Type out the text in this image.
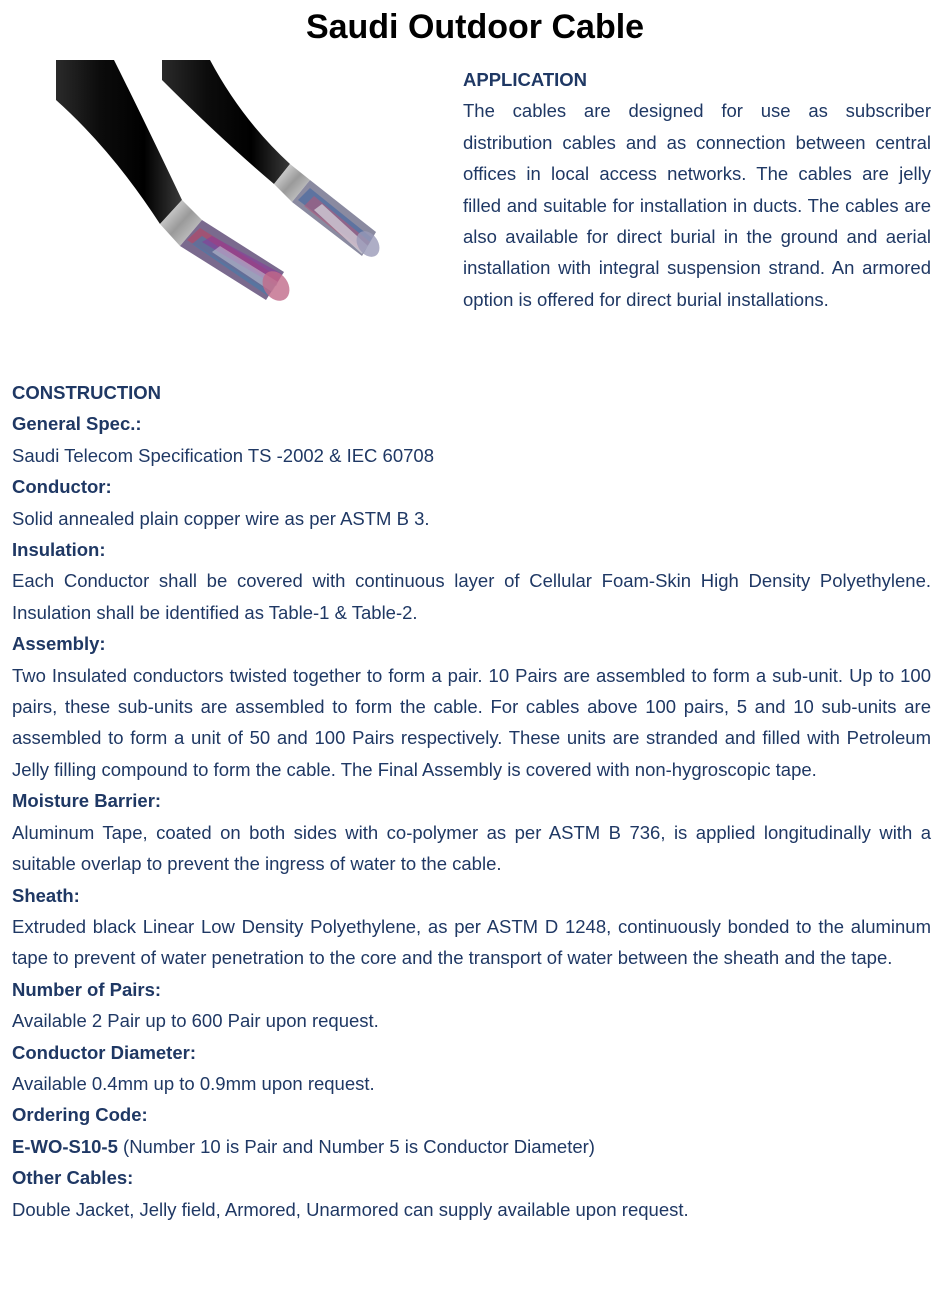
Saudi Outdoor Cable
APPLICATION
The cables are designed for use as subscriber distribution cables and as connection between central offices in local access networks. The cables are jelly filled and suitable for installation in ducts. The cables are also available for direct burial in the ground and aerial installation with integral suspension strand. An armored option is offered for direct burial installations.
CONSTRUCTION
General Spec.:
Saudi Telecom Specification TS -2002 & IEC 60708
Conductor:
Solid annealed plain copper wire as per ASTM B 3.
Insulation:
Each Conductor shall be covered with continuous layer of Cellular Foam-Skin High Density Polyethylene. Insulation shall be identified as Table-1 & Table-2.
Assembly:
Two Insulated conductors twisted together to form a pair. 10 Pairs are assembled to form a sub-unit. Up to 100 pairs, these sub-units are assembled to form the cable. For cables above 100 pairs, 5 and 10 sub-units are assembled to form a unit of 50 and 100 Pairs respectively. These units are stranded and filled with Petroleum Jelly filling compound to form the cable. The Final Assembly is covered with non-hygroscopic tape.
Moisture Barrier:
Aluminum Tape, coated on both sides with co-polymer as per ASTM B 736, is applied longitudinally with a suitable overlap to prevent the ingress of water to the cable.
Sheath:
Extruded black Linear Low Density Polyethylene, as per ASTM D 1248, continuously bonded to the aluminum tape to prevent of water penetration to the core and the transport of water between the sheath and the tape.
Number of Pairs:
Available 2 Pair up to 600 Pair upon request.
Conductor Diameter:
Available 0.4mm up to 0.9mm upon request.
Ordering Code:
E-WO-S10-5 (Number 10 is Pair and Number 5 is Conductor Diameter)
Other Cables:
Double Jacket, Jelly field, Armored, Unarmored can supply available upon request.
